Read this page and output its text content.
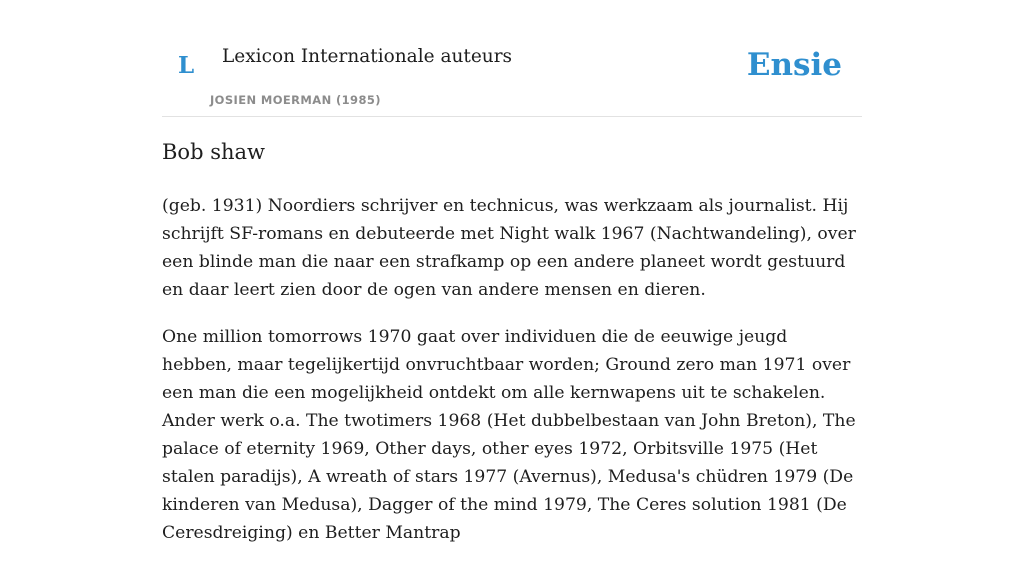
L Lexicon Internationale auteurs
JOSIEN MOERMAN (1985)
Ensie
Bob shaw

(geb. 1931) Noordiers schrijver en technicus, was werkzaam als journalist. Hij schrijft SF-romans en debuteerde met Night walk 1967 (Nachtwandeling), over een blinde man die naar een strafkamp op een andere planeet wordt gestuurd en daar leert zien door de ogen van andere mensen en dieren.

One million tomorrows 1970 gaat over individuen die de eeuwige jeugd hebben, maar tegelijkertijd onvruchtbaar worden; Ground zero man 1971 over een man die een mogelijkheid ontdekt om alle kernwapens uit te schakelen. Ander werk o.a. The twotimers 1968 (Het dubbelbestaan van John Breton), The palace of eternity 1969, Other days, other eyes 1972, Orbitsville 1975 (Het stalen paradijs), A wreath of stars 1977 (Avernus), Medusa's chüdren 1979 (De kinderen van Medusa), Dagger of the mind 1979, The Ceres solution 1981 (De Ceresdreiging) en Better Mantrap
